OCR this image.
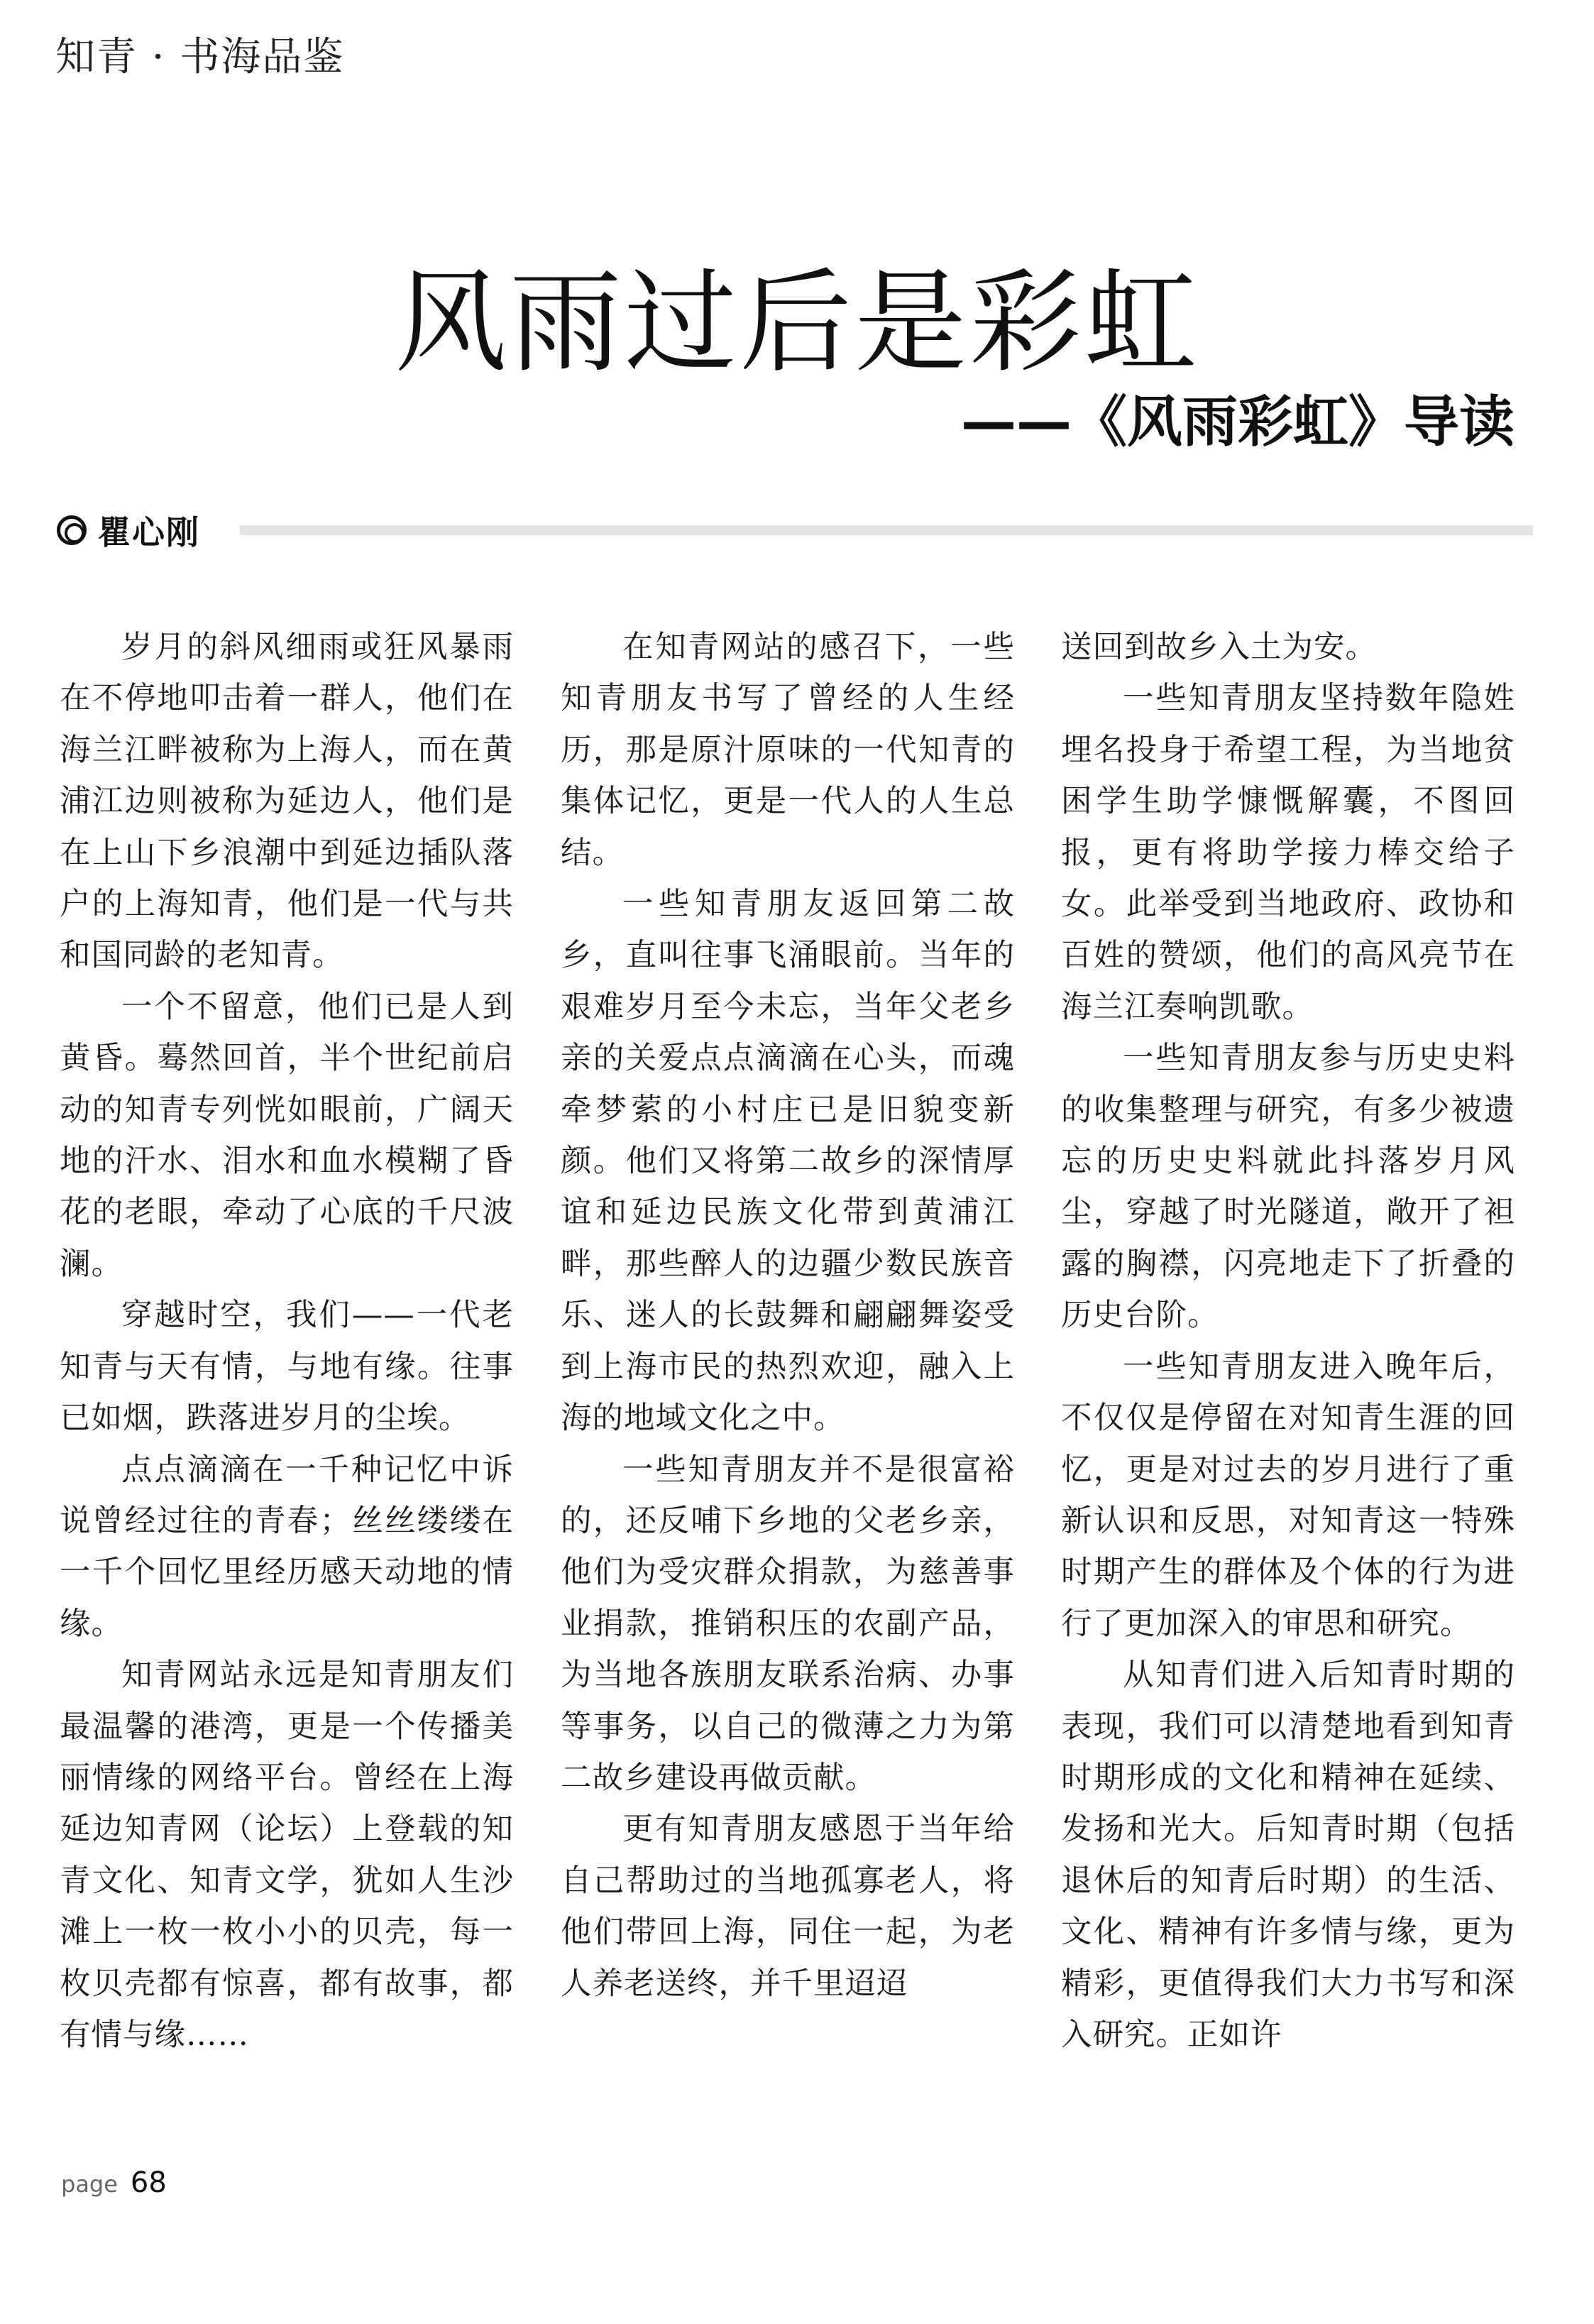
知青 · 书海品鉴
风雨过后是彩虹
——《风雨彩虹》导读
瞿心刚

岁月的斜风细雨或狂风暴雨在不停地叩击着一群人，他们在海兰江畔被称为上海人，而在黄浦江边则被称为延边人，他们是在上山下乡浪潮中到延边插队落户的上海知青，他们是一代与共和国同龄的老知青。

一个不留意，他们已是人到黄昏。蓦然回首，半个世纪前启动的知青专列恍如眼前，广阔天地的汗水、泪水和血水模糊了昏花的老眼，牵动了心底的千尺波澜。

穿越时空，我们——一代老知青与天有情，与地有缘。往事已如烟，跌落进岁月的尘埃。

点点滴滴在一千种记忆中诉说曾经过往的青春；丝丝缕缕在一千个回忆里经历感天动地的情缘。

知青网站永远是知青朋友们最温馨的港湾，更是一个传播美丽情缘的网络平台。曾经在上海延边知青网（论坛）上登载的知青文化、知青文学，犹如人生沙滩上一枚一枚小小的贝壳，每一枚贝壳都有惊喜，都有故事，都有情与缘……

在知青网站的感召下，一些知青朋友书写了曾经的人生经历，那是原汁原味的一代知青的集体记忆，更是一代人的人生总结。

一些知青朋友返回第二故乡，直叫往事飞涌眼前。当年的艰难岁月至今未忘，当年父老乡亲的关爱点点滴滴在心头，而魂牵梦萦的小村庄已是旧貌变新颜。他们又将第二故乡的深情厚谊和延边民族文化带到黄浦江畔，那些醉人的边疆少数民族音乐、迷人的长鼓舞和翩翩舞姿受到上海市民的热烈欢迎，融入上海的地域文化之中。

一些知青朋友并不是很富裕的，还反哺下乡地的父老乡亲，他们为受灾群众捐款，为慈善事业捐款，推销积压的农副产品，为当地各族朋友联系治病、办事等事务，以自己的微薄之力为第二故乡建设再做贡献。

更有知青朋友感恩于当年给自己帮助过的当地孤寡老人，将他们带回上海，同住一起，为老人养老送终，并千里迢迢

送回到故乡入土为安。

一些知青朋友坚持数年隐姓埋名投身于希望工程，为当地贫困学生助学慷慨解囊，不图回报，更有将助学接力棒交给子女。此举受到当地政府、政协和百姓的赞颂，他们的高风亮节在海兰江奏响凯歌。

一些知青朋友参与历史史料的收集整理与研究，有多少被遗忘的历史史料就此抖落岁月风尘，穿越了时光隧道，敞开了袒露的胸襟，闪亮地走下了折叠的历史台阶。

一些知青朋友进入晚年后，不仅仅是停留在对知青生涯的回忆，更是对过去的岁月进行了重新认识和反思，对知青这一特殊时期产生的群体及个体的行为进行了更加深入的审思和研究。

从知青们进入后知青时期的表现，我们可以清楚地看到知青时期形成的文化和精神在延续、发扬和光大。后知青时期（包括退休后的知青后时期）的生活、文化、精神有许多情与缘，更为精彩，更值得我们大力书写和深入研究。正如许

page 68
